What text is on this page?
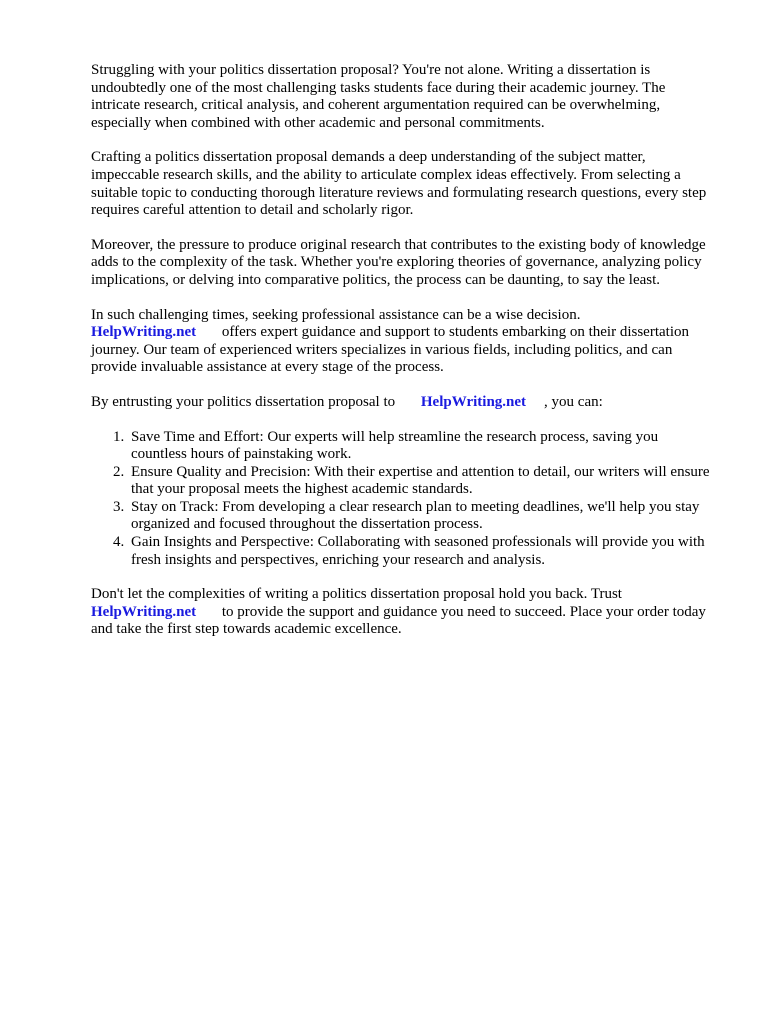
Struggling with your politics dissertation proposal? You're not alone. Writing a dissertation is undoubtedly one of the most challenging tasks students face during their academic journey. The intricate research, critical analysis, and coherent argumentation required can be overwhelming, especially when combined with other academic and personal commitments.

Crafting a politics dissertation proposal demands a deep understanding of the subject matter, impeccable research skills, and the ability to articulate complex ideas effectively. From selecting a suitable topic to conducting thorough literature reviews and formulating research questions, every step requires careful attention to detail and scholarly rigor.

Moreover, the pressure to produce original research that contributes to the existing body of knowledge adds to the complexity of the task. Whether you're exploring theories of governance, analyzing policy implications, or delving into comparative politics, the process can be daunting, to say the least.

In such challenging times, seeking professional assistance can be a wise decision.
HelpWriting.net offers expert guidance and support to students embarking on their dissertation journey. Our team of experienced writers specializes in various fields, including politics, and can provide invaluable assistance at every stage of the process.

By entrusting your politics dissertation proposal to HelpWriting.net , you can:

1. Save Time and Effort: Our experts will help streamline the research process, saving you countless hours of painstaking work.
2. Ensure Quality and Precision: With their expertise and attention to detail, our writers will ensure that your proposal meets the highest academic standards.
3. Stay on Track: From developing a clear research plan to meeting deadlines, we'll help you stay organized and focused throughout the dissertation process.
4. Gain Insights and Perspective: Collaborating with seasoned professionals will provide you with fresh insights and perspectives, enriching your research and analysis.

Don't let the complexities of writing a politics dissertation proposal hold you back. Trust
HelpWriting.net to provide the support and guidance you need to succeed. Place your order today and take the first step towards academic excellence.
